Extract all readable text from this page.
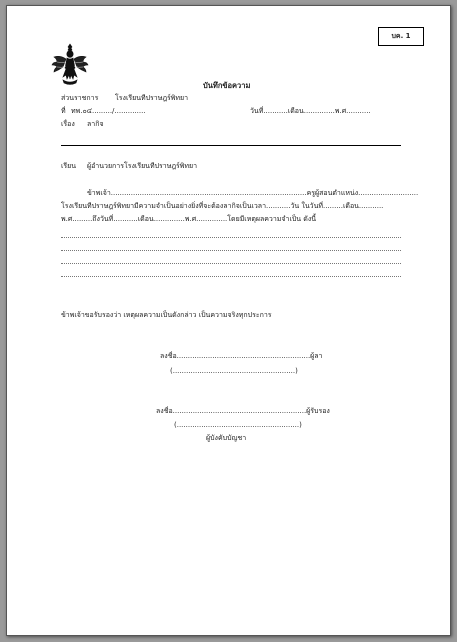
บค. 1
บันทึกข้อความ
ส่วนราชการ โรงเรียนทีปราษฎร์พิทยา
ที่ ทพ.๐๔........./..............	วันที่...........เดือน..............พ.ศ...........
เรื่อง ลากิจ
เรียน ผู้อำนวยการโรงเรียนทีปราษฎร์พิทยา
ข้าพเจ้า........................................................................................ครูผู้สอนตำแหน่ง...........................
โรงเรียนทีปราษฎร์พิทยามีความจำเป็นอย่างยิ่งที่จะต้องลากิจเป็นเวลา...........วัน ในวันที่.........เดือน...........
พ.ศ.........ถึงวันที่...........เดือน..............พ.ศ..............โดยมีเหตุผลความจำเป็น ดังนี้
ข้าพเจ้าขอรับรองว่า เหตุผลความเป็นดังกล่าว เป็นความจริงทุกประการ
ลงชื่อ............................................................ผู้ลา
(.......................................................)
ลงชื่อ............................................................ผู้รับรอง
(.......................................................)
ผู้บังคับบัญชา
